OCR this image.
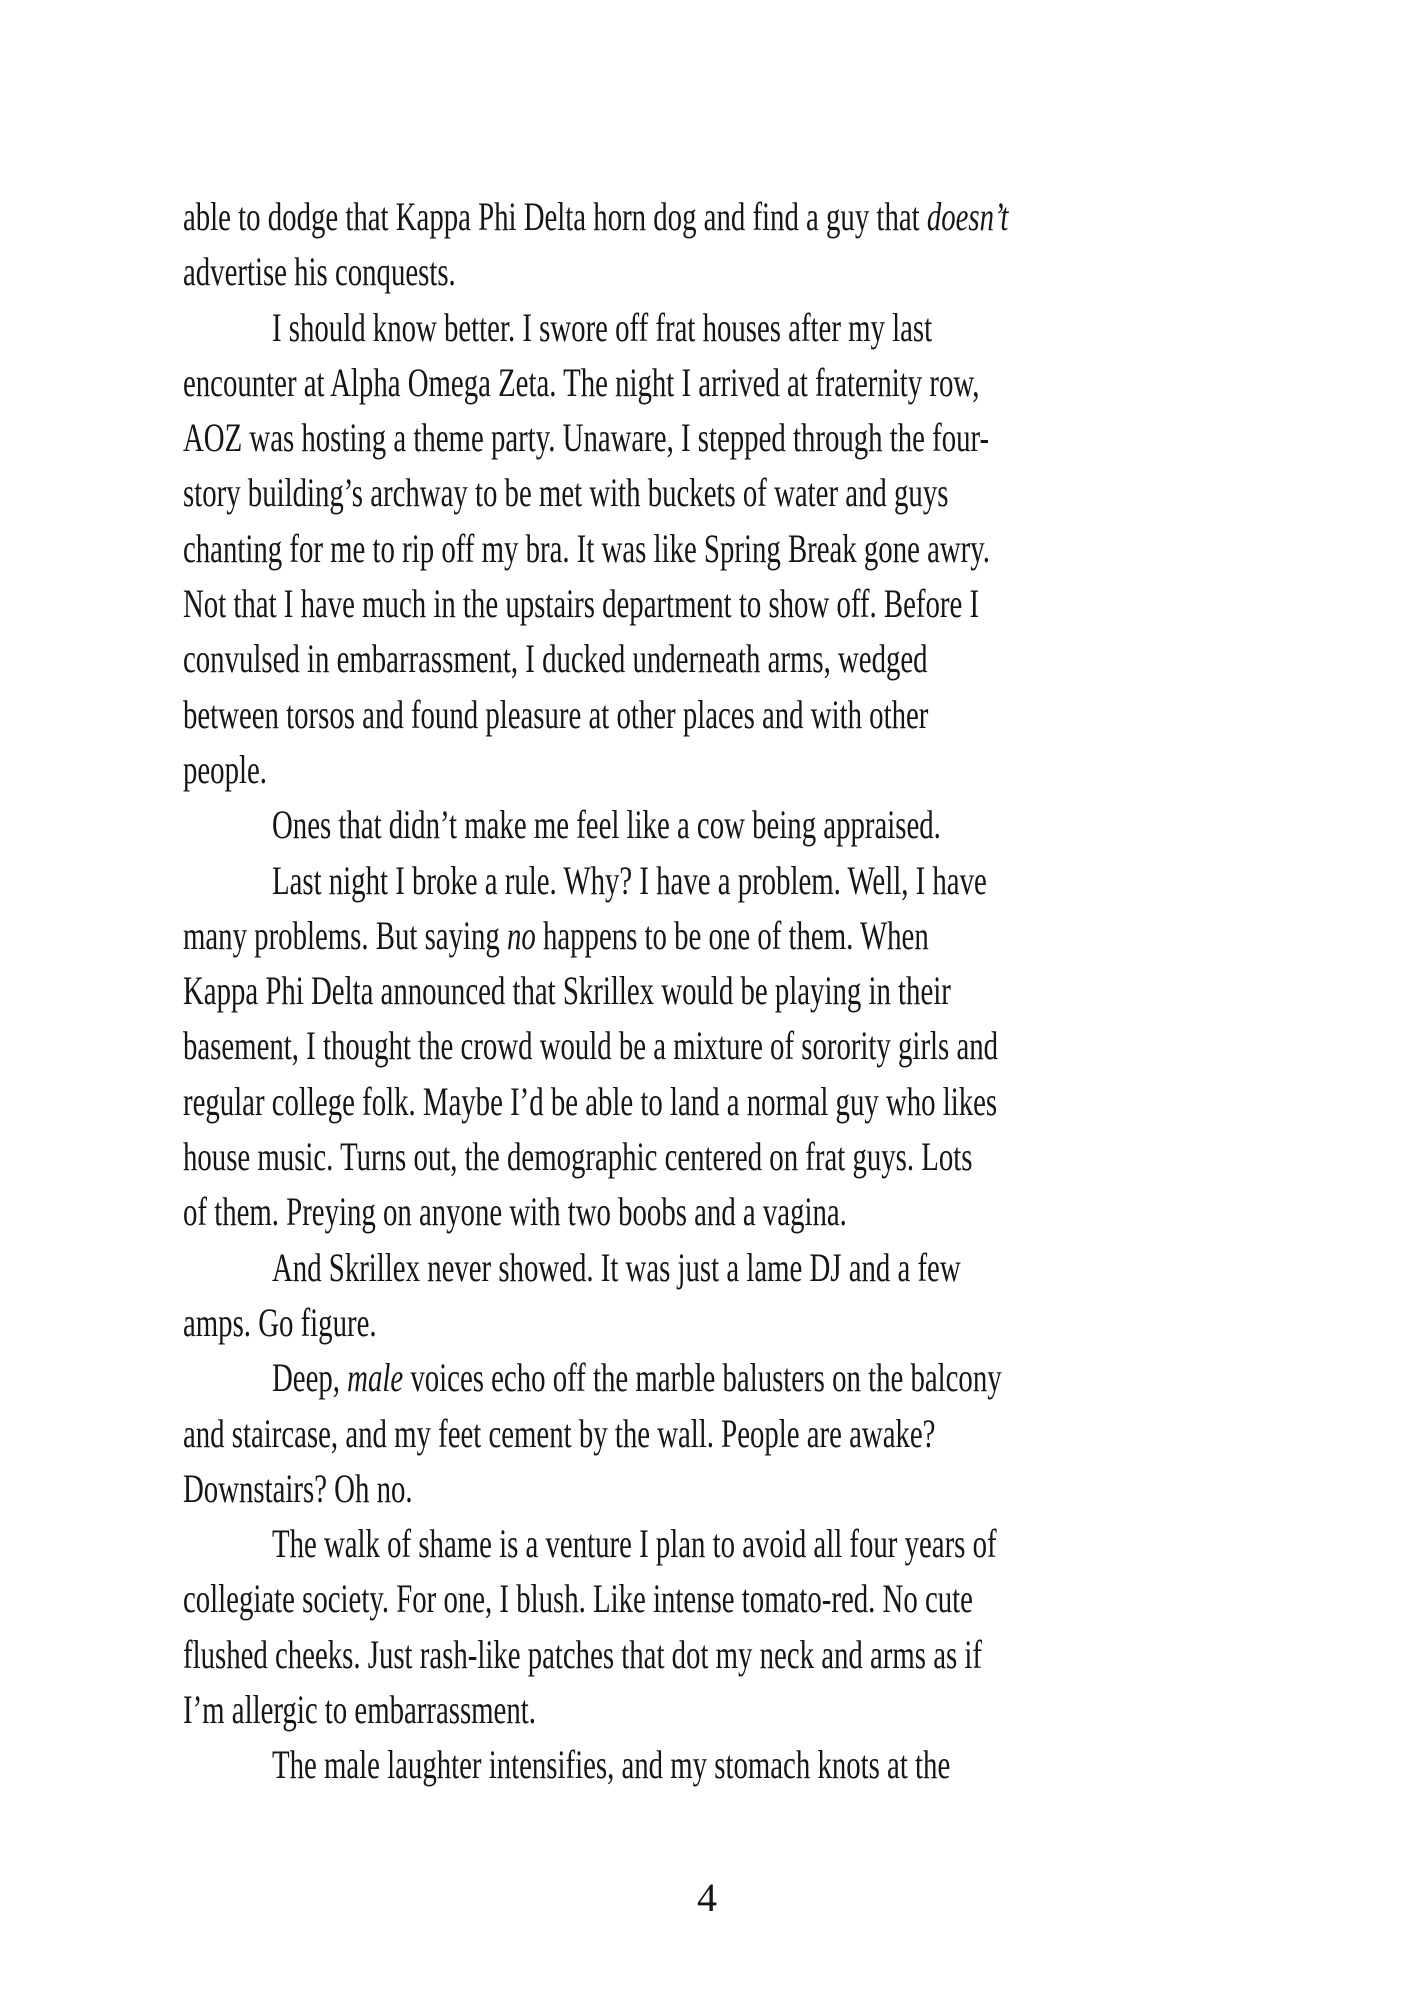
able to dodge that Kappa Phi Delta horn dog and find a guy that doesn’t
advertise his conquests.
I should know better. I swore off frat houses after my last
encounter at Alpha Omega Zeta. The night I arrived at fraternity row,
AOZ was hosting a theme party. Unaware, I stepped through the four-
story building’s archway to be met with buckets of water and guys
chanting for me to rip off my bra. It was like Spring Break gone awry.
Not that I have much in the upstairs department to show off. Before I
convulsed in embarrassment, I ducked underneath arms, wedged
between torsos and found pleasure at other places and with other
people.
Ones that didn’t make me feel like a cow being appraised.
Last night I broke a rule. Why? I have a problem. Well, I have
many problems. But saying no happens to be one of them. When
Kappa Phi Delta announced that Skrillex would be playing in their
basement, I thought the crowd would be a mixture of sorority girls and
regular college folk. Maybe I’d be able to land a normal guy who likes
house music. Turns out, the demographic centered on frat guys. Lots
of them. Preying on anyone with two boobs and a vagina.
And Skrillex never showed. It was just a lame DJ and a few
amps. Go figure.
Deep, male voices echo off the marble balusters on the balcony
and staircase, and my feet cement by the wall. People are awake?
Downstairs? Oh no.
The walk of shame is a venture I plan to avoid all four years of
collegiate society. For one, I blush. Like intense tomato-red. No cute
flushed cheeks. Just rash-like patches that dot my neck and arms as if
I’m allergic to embarrassment.
The male laughter intensifies, and my stomach knots at the
4
